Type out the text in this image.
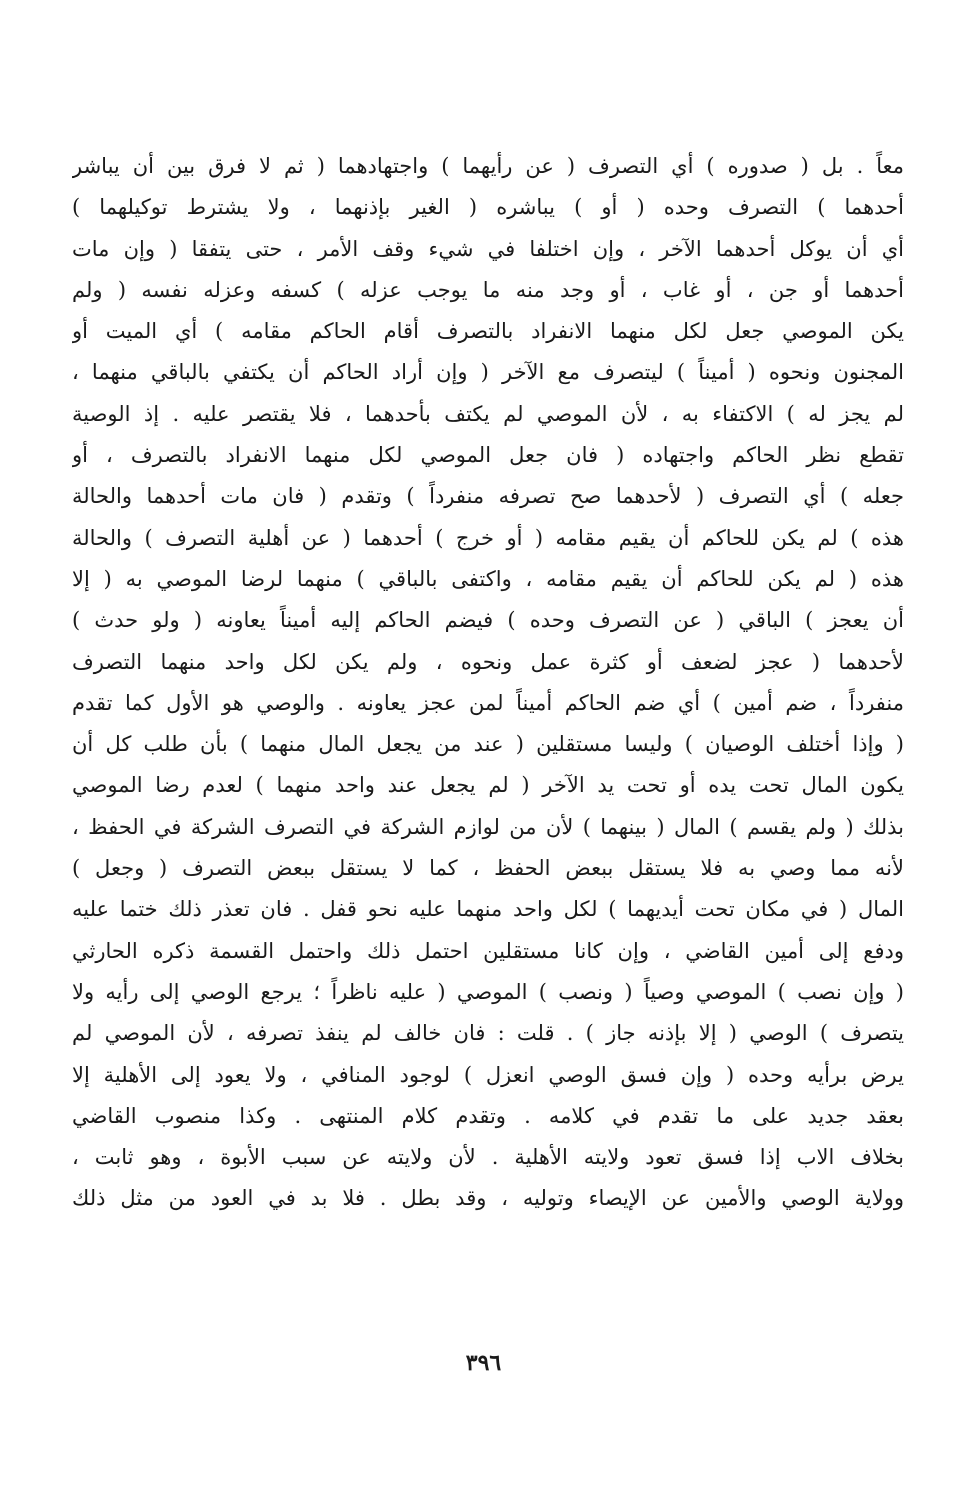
معاً . بل ( صدوره ) أي التصرف ( عن رأيهما ) واجتهادهما ( ثم لا فرق بين أن يباشر
أحدهما ) التصرف وحده ( أو ) يباشره ( الغير بإذنهما ، ولا يشترط توكيلهما )
أي أن يوكل أحدهما الآخر ، وإن اختلفا في شيء وقف الأمر ، حتى يتفقا ( وإن مات
أحدهما أو جن ، أو غاب ، أو وجد منه ما يوجب عزله ) كسفه وعزله نفسه ( ولم
يكن الموصي جعل لكل منهما الانفراد بالتصرف أقام الحاكم مقامه ) أي الميت أو
المجنون ونحوه ( أميناً ) ليتصرف مع الآخر ( وإن أراد الحاكم أن يكتفي بالباقي منهما ،
لم يجز له ) الاكتفاء به ، لأن الموصي لم يكتف بأحدهما ، فلا يقتصر عليه . إذ الوصية
تقطع نظر الحاكم واجتهاده ( فان جعل الموصي لكل منهما الانفراد بالتصرف ، أو
جعله ) أي التصرف ( لأحدهما صح تصرفه منفرداً ) وتقدم ( فان مات أحدهما والحالة
هذه ) لم يكن للحاكم أن يقيم مقامه ( أو خرج ) أحدهما ( عن أهلية التصرف ) والحالة
هذه ( لم يكن للحاكم أن يقيم مقامه ، واكتفى بالباقي ) منهما لرضا الموصي به ( إلا
أن يعجز ) الباقي ( عن التصرف وحده ) فيضم الحاكم إليه أميناً يعاونه ( ولو حدث )
لأحدهما ( عجز لضعف أو كثرة عمل ونحوه ، ولم يكن لكل واحد منهما التصرف
منفرداً ، ضم أمين ) أي ضم الحاكم أميناً لمن عجز يعاونه . والوصي هو الأول كما تقدم
( وإذا أختلف الوصيان ) وليسا مستقلين ( عند من يجعل المال منهما ) بأن طلب كل أن
يكون المال تحت يده أو تحت يد الآخر ( لم يجعل عند واحد منهما ) لعدم رضا الموصي
بذلك ( ولم يقسم ) المال ( بينهما ) لأن من لوازم الشركة في التصرف الشركة في الحفظ ،
لأنه مما وصي به فلا يستقل ببعض الحفظ ، كما لا يستقل ببعض التصرف ( وجعل )
المال ( في مكان تحت أيديهما ) لكل واحد منهما عليه نحو قفل . فان تعذر ذلك ختما عليه
ودفع إلى أمين القاضي ، وإن كانا مستقلين احتمل ذلك واحتمل القسمة ذكره الحارثي
( وإن نصب ) الموصي وصياً ( ونصب ) الموصي ( عليه ناظراً ؛ يرجع الوصي إلى رأيه ولا
يتصرف ) الوصي ( إلا بإذنه جاز ) . قلت : فان خالف لم ينفذ تصرفه ، لأن الموصي لم
يرض برأيه وحده ( وإن فسق الوصي انعزل ) لوجود المنافي ، ولا يعود إلى الأهلية إلا
بعقد جديد على ما تقدم في كلامه . وتقدم كلام المنتهى . وكذا منصوب القاضي
بخلاف الاب إذا فسق تعود ولايته الأهلية . لأن ولايته عن سبب الأبوة ، وهو ثابت ،
وولاية الوصي والأمين عن الإيصاء وتوليه ، وقد بطل . فلا بد في العود من مثل ذلك
٣٩٦
